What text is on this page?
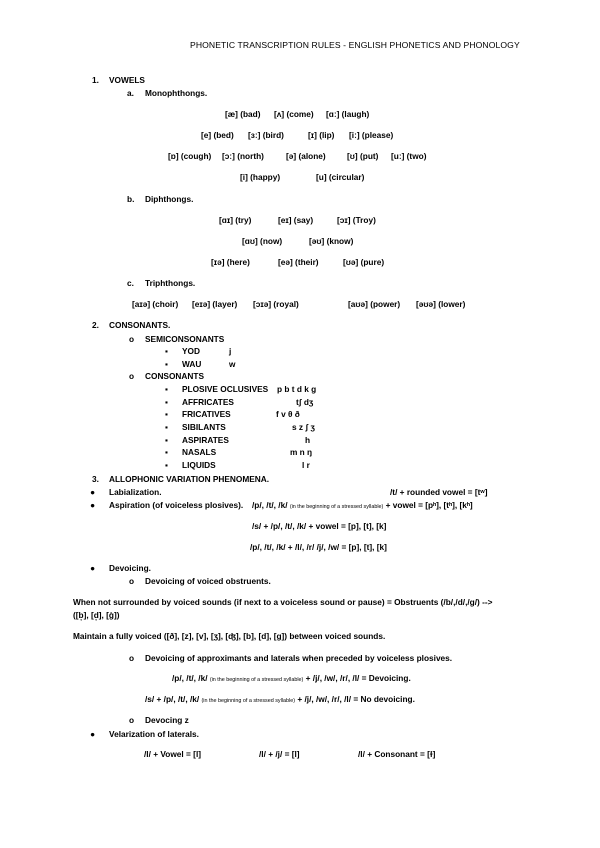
PHONETIC TRANSCRIPTION RULES - ENGLISH PHONETICS AND PHONOLOGY
1. VOWELS
a. Monophthongs.
[æ] (bad) [ʌ] (come) [ɑː] (laugh)
[e] (bed) [ɜː] (bird)	[ɪ] (lip) [iː] (please)
[ɒ] (cough) [ɔː] (north)	[ə] (alone)	[ʊ] (put) [uː] (two)
[i] (happy)	[u] (circular)
b. Diphthongs.
[ɑɪ] (try)	[eɪ] (say)	[ɔɪ] (Troy)
[ɑʊ] (now)	[əʊ] (know)
[ɪə] (here)	[eə] (their)	[ʊə] (pure)
c. Triphthongs.
[aɪə] (choir) [eɪə] (layer) [ɔɪə] (royal)	[aʊə] (power) [əʊə] (lower)
2. CONSONANTS.
o SEMICONSONANTS
▪ YOD	j
▪ WAU	w
o CONSONANTS
▪ PLOSIVE OCLUSIVES p b t d k g
▪ AFFRICATES	tʃ dʒ
▪ FRICATIVES	f v θ ð
▪ SIBILANTS	s z ʃ ʒ
▪ ASPIRATES	h
▪ NASALS	m n ŋ
▪ LIQUIDS	l r
3. ALLOPHONIC VARIATION PHENOMENA.
● Labialization.	/t/ + rounded vowel = [tʷ]
● Aspiration (of voiceless plosives). /p/, /t/, /k/ (in the beginning of a stressed syllable) + vowel = [pʰ], [tʰ], [kʰ]
/s/ + /p/, /t/, /k/ + vowel = [p], [t], [k]
/p/, /t/, /k/ + /l/, /r/ /j/, /w/ = [p], [t], [k]
● Devoicing.
o Devoicing of voiced obstruents.
When not surrounded by voiced sounds (if next to a voiceless sound or pause) = Obstruents (/b/,/d/,/g/) -->
([b̥], [d̥], [g̊])
Maintain a fully voiced ([ð], [z], [v], [ʒ], [ʤ], [b], [d], [g]) between voiced sounds.
o Devoicing of approximants and laterals when preceded by voiceless plosives.
/p/, /t/, /k/ (in the beginning of a stressed syllable) + /j/, /w/, /r/, /l/ = Devoicing.
/s/ + /p/, /t/, /k/ (in the beginning of a stressed syllable) + /j/, /w/, /r/, /l/ = No devoicing.
o Devocing z
● Velarization of laterals.
/l/ + Vowel = [l]	/l/ + /j/ = [l]	/l/ + Consonant = [ɫ]
